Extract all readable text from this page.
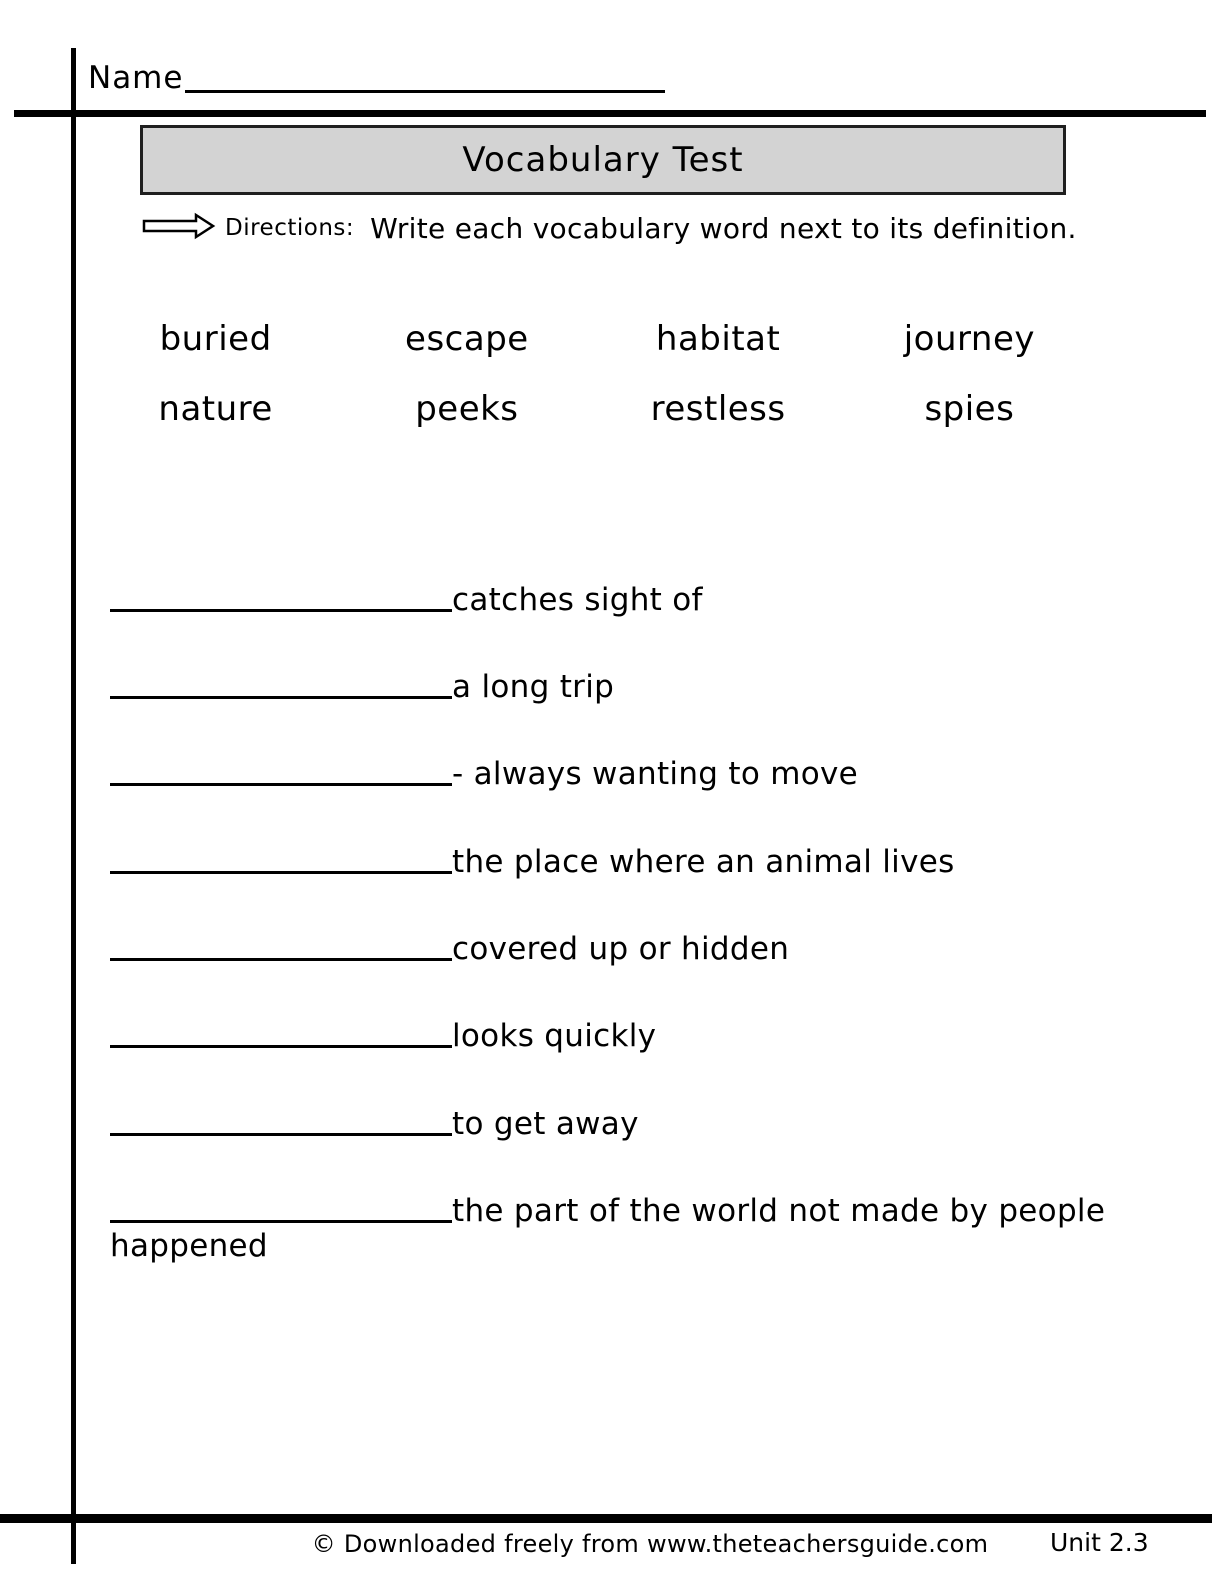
Name
Vocabulary Test
Directions: Write each vocabulary word next to its definition.
buried	escape	habitat	journey
nature	peeks	restless	spies
catches sight of
a long trip
- always wanting to move
the place where an animal lives
covered up or hidden
looks quickly
to get away
the part of the world not made by people
happened
© Downloaded freely from www.theteachersguide.com	Unit 2.3
